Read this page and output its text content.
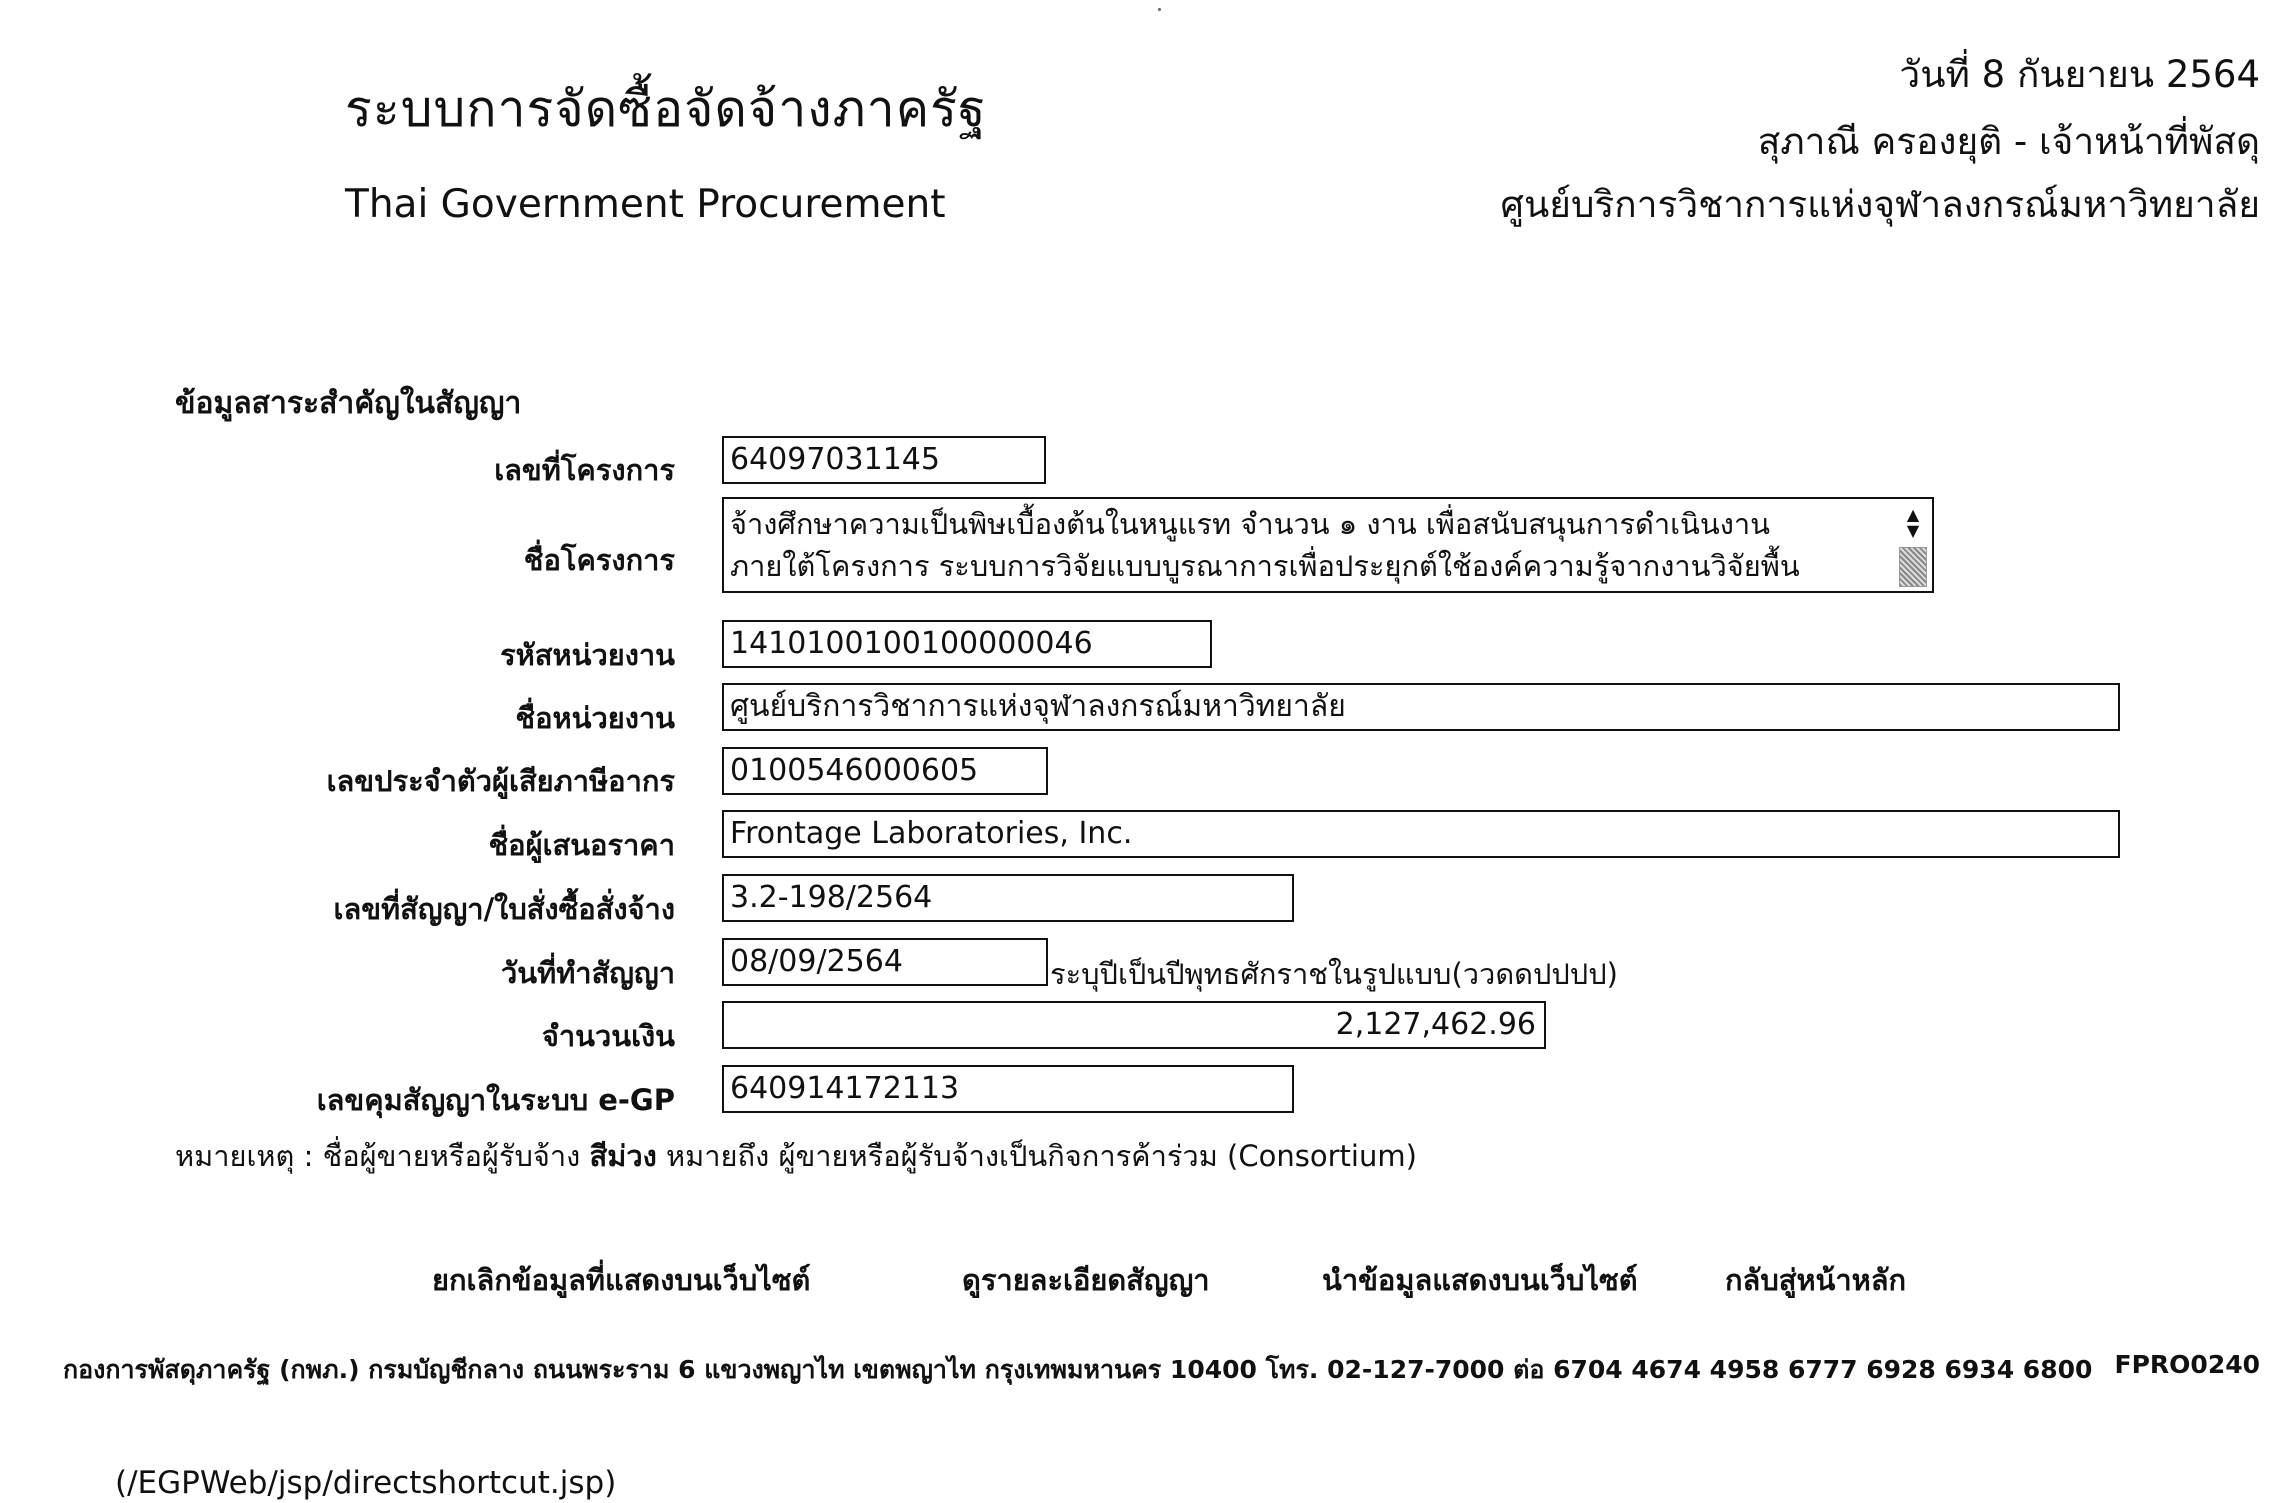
ระบบการจัดซื้อจัดจ้างภาครัฐ
Thai Government Procurement
วันที่ 8 กันยายน 2564
สุภาณี ครองยุติ - เจ้าหน้าที่พัสดุ
ศูนย์บริการวิชาการแห่งจุฬาลงกรณ์มหาวิทยาลัย
ข้อมูลสาระสำคัญในสัญญา
เลขที่โครงการ 64097031145
ชื่อโครงการ
จ้างศึกษาความเป็นพิษเบื้องต้นในหนูแรท จำนวน ๑ งาน เพื่อสนับสนุนการดำเนินงาน
ภายใต้โครงการ ระบบการวิจัยแบบบูรณาการเพื่อประยุกต์ใช้องค์ความรู้จากงานวิจัยพื้น
▲
▼
รหัสหน่วยงาน 1410100100100000046
ชื่อหน่วยงาน ศูนย์บริการวิชาการแห่งจุฬาลงกรณ์มหาวิทยาลัย
เลขประจำตัวผู้เสียภาษีอากร 0100546000605
ชื่อผู้เสนอราคา Frontage Laboratories, Inc.
เลขที่สัญญา/ใบสั่งซื้อสั่งจ้าง 3.2-198/2564
วันที่ทำสัญญา 08/09/2564	ระบุปีเป็นปีพุทธศักราชในรูปแบบ(ววดดปปปป)
จำนวนเงิน	2,127,462.96
เลขคุมสัญญาในระบบ e-GP 640914172113
หมายเหตุ : ชื่อผู้ขายหรือผู้รับจ้าง สีม่วง หมายถึง ผู้ขายหรือผู้รับจ้างเป็นกิจการค้าร่วม (Consortium)
ยกเลิกข้อมูลที่แสดงบนเว็บไซต์	ดูรายละเอียดสัญญา	นำข้อมูลแสดงบนเว็บไซต์	กลับสู่หน้าหลัก
กองการพัสดุภาครัฐ (กพภ.) กรมบัญชีกลาง ถนนพระราม 6 แขวงพญาไท เขตพญาไท กรุงเทพมหานคร 10400 โทร. 02-127-7000 ต่อ 6704 4674 4958 6777 6928 6934 6800 FPRO0240
(/EGPWeb/jsp/directshortcut.jsp)
